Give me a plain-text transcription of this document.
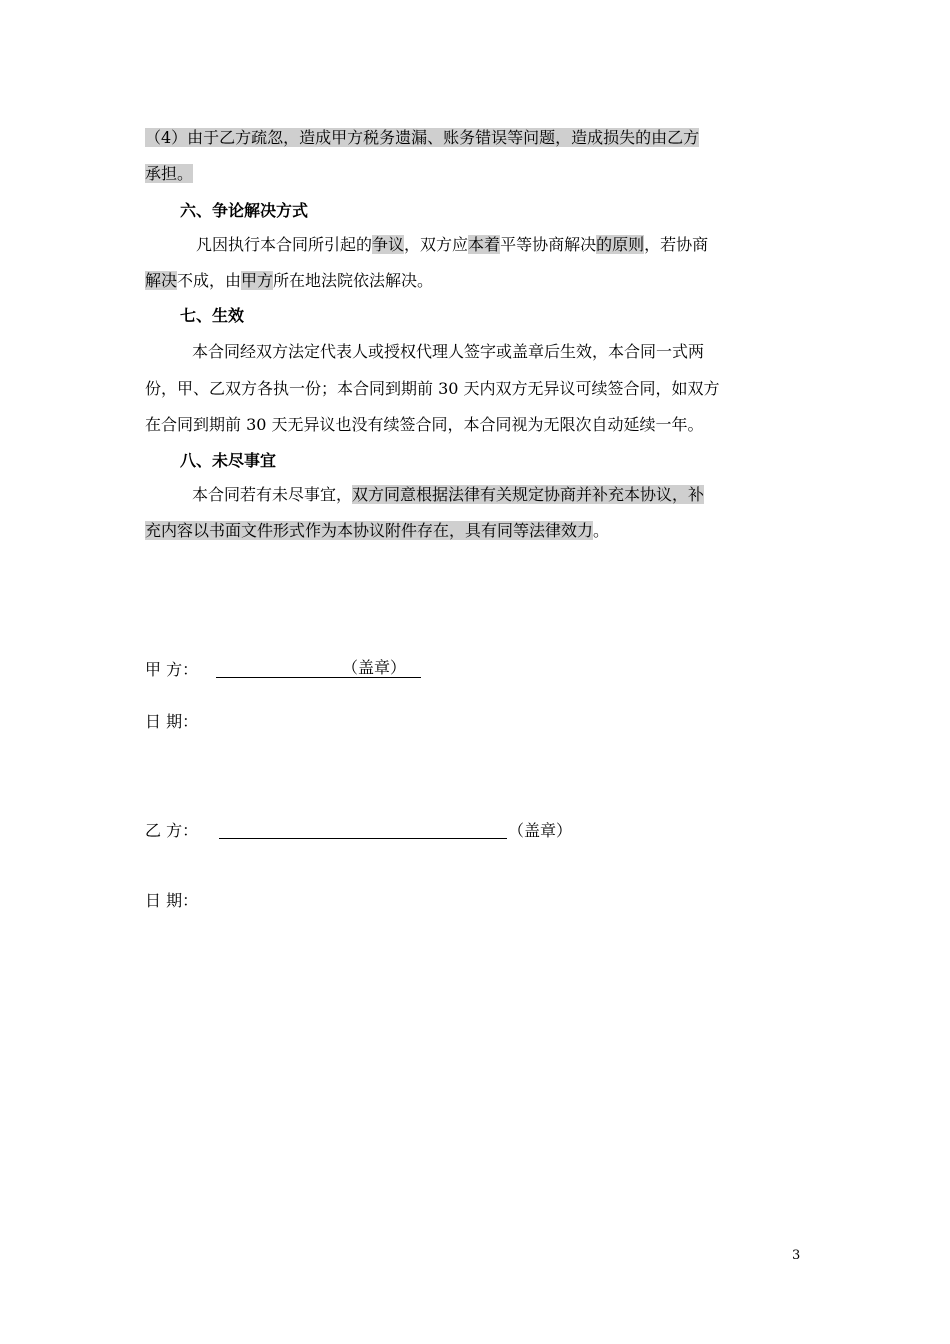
（4）由于乙方疏忽，造成甲方税务遗漏、账务错误等问题，造成损失的由乙方
承担。
六、争论解决方式
凡因执行本合同所引起的争议，双方应本着平等协商解决的原则，若协商
解决不成，由甲方所在地法院依法解决。
七、生效
本合同经双方法定代表人或授权代理人签字或盖章后生效，本合同一式两
份，甲、乙双方各执一份；本合同到期前 30 天内双方无异议可续签合同，如双方
在合同到期前 30 天无异议也没有续签合同，本合同视为无限次自动延续一年。
八、未尽事宜
本合同若有未尽事宜，双方同意根据法律有关规定协商并补充本协议，补
充内容以书面文件形式作为本协议附件存在，具有同等法律效力。
甲 方：	（盖章）
日 期：
乙 方：	（盖章）
日 期：
3
